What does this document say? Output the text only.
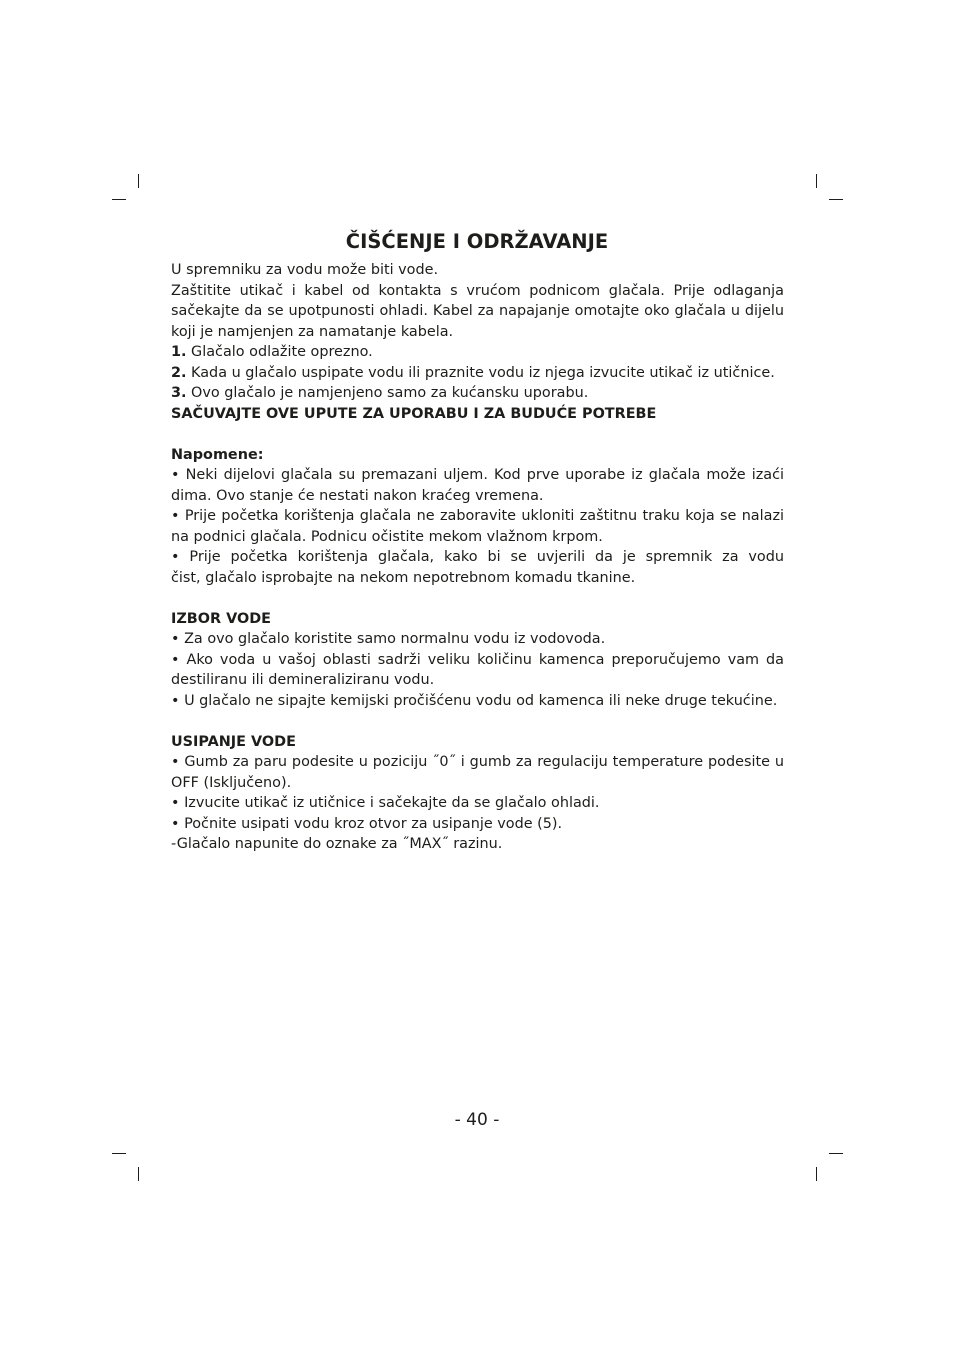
ČIŠĆENJE I ODRŽAVANJE
U spremniku za vodu može biti vode.
Zaštitite utikač i kabel od kontakta s vrućom podnicom glačala. Prije odlaganja
sačekajte da se upotpunosti ohladi. Kabel za napajanje omotajte oko glačala u dijelu
koji je namjenjen za namatanje kabela.
1. Glačalo odlažite oprezno.
2. Kada u glačalo uspipate vodu ili praznite vodu iz njega izvucite utikač iz utičnice.
3. Ovo glačalo je namjenjeno samo za kućansku uporabu.
SAČUVAJTE OVE UPUTE ZA UPORABU I ZA BUDUĆE POTREBE
Napomene:
• Neki dijelovi glačala su premazani uljem. Kod prve uporabe iz glačala može izaći
dima. Ovo stanje će nestati nakon kraćeg vremena.
• Prije početka korištenja glačala ne zaboravite ukloniti zaštitnu traku koja se nalazi
na podnici glačala. Podnicu očistite mekom vlažnom krpom.
• Prije početka korištenja glačala, kako bi se uvjerili da je spremnik za vodu
čist, glačalo isprobajte na nekom nepotrebnom komadu tkanine.
IZBOR VODE
• Za ovo glačalo koristite samo normalnu vodu iz vodovoda.
• Ako voda u vašoj oblasti sadrži veliku količinu kamenca preporučujemo vam da
destiliranu ili demineraliziranu vodu.
• U glačalo ne sipajte kemijski pročišćenu vodu od kamenca ili neke druge tekućine.
USIPANJE VODE
• Gumb za paru podesite u poziciju ˝0˝ i gumb za regulaciju temperature podesite u
OFF (Isključeno).
• Izvucite utikač iz utičnice i sačekajte da se glačalo ohladi.
• Počnite usipati vodu kroz otvor za usipanje vode (5).
-Glačalo napunite do oznake za ˝MAX˝ razinu.
- 40 -
